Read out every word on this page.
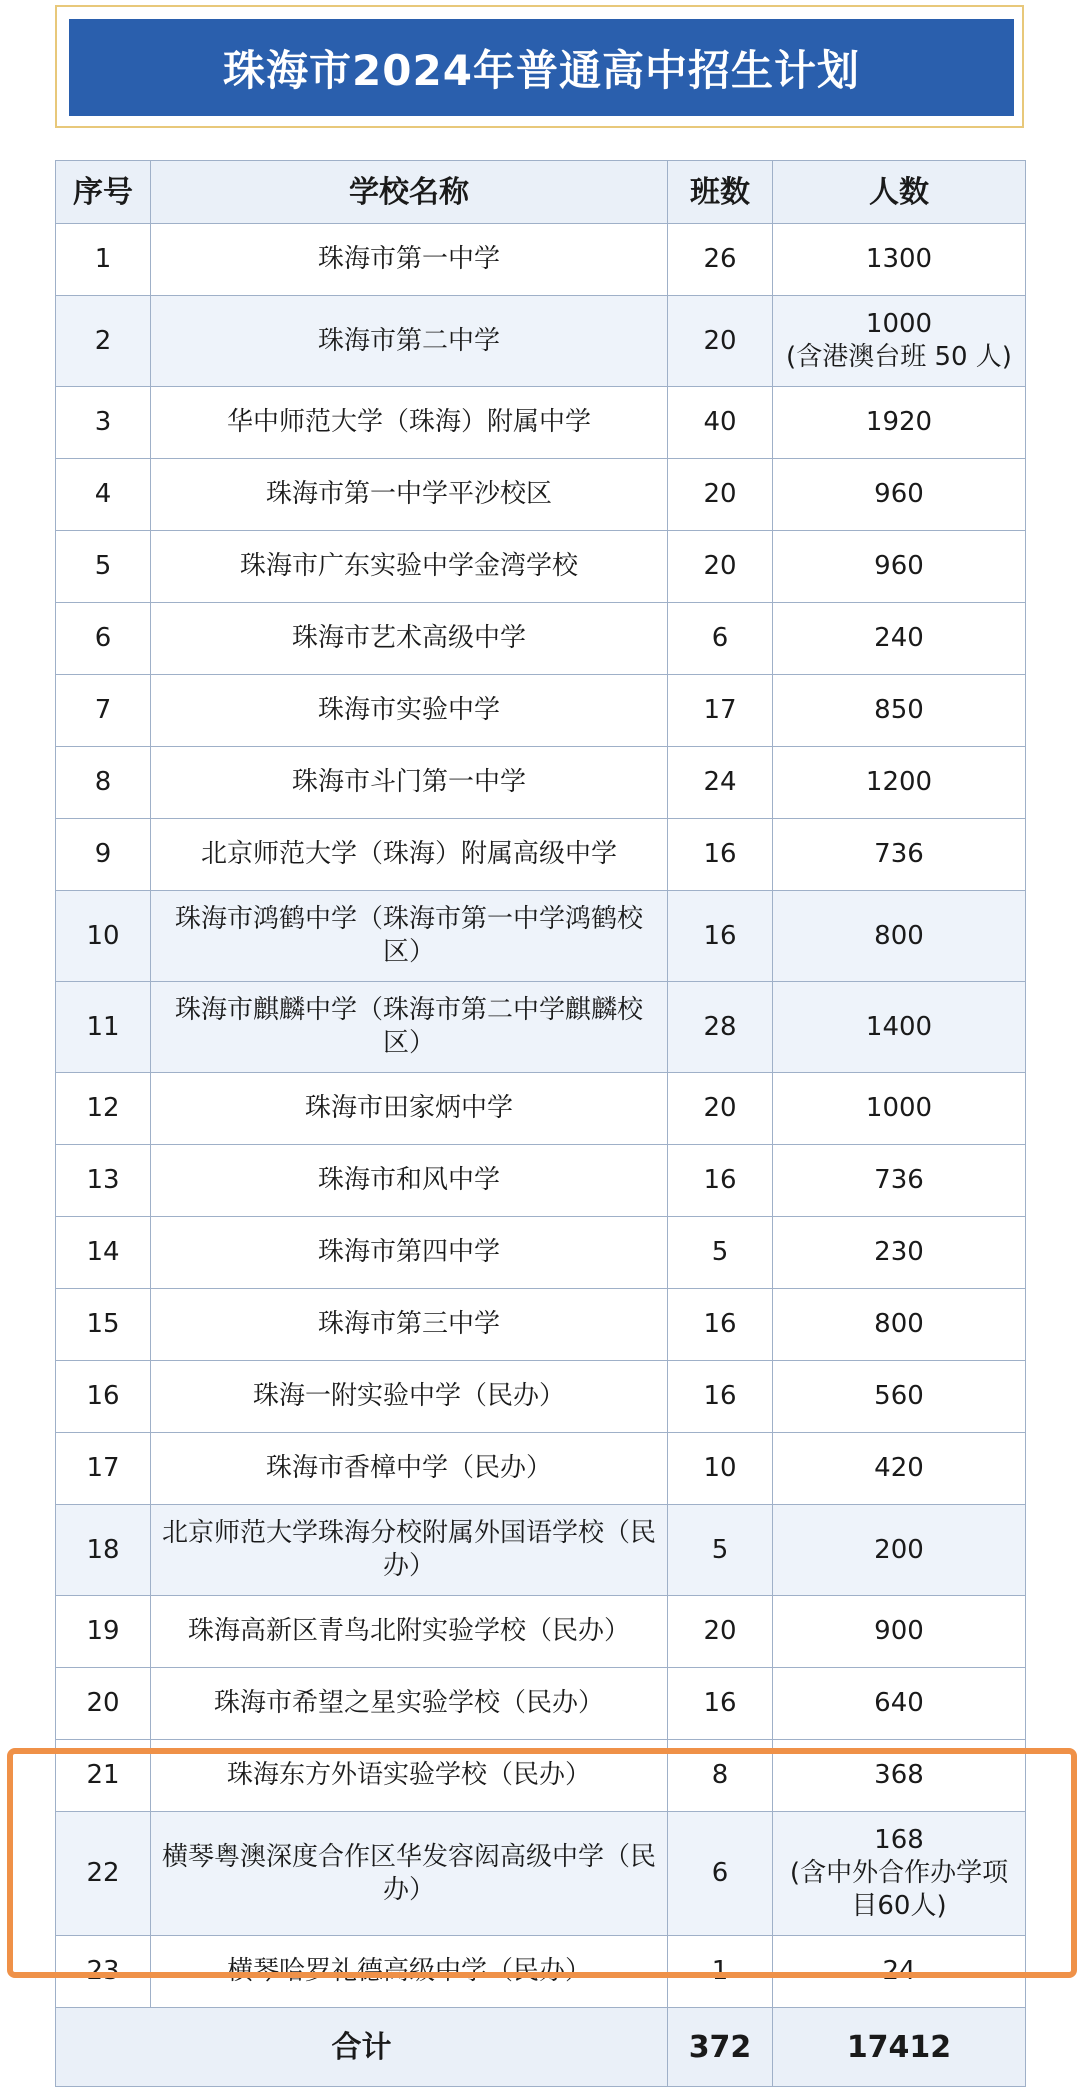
珠海市2024年普通高中招生计划
序号	学校名称	班数	人数

1	珠海市第一中学	26	1300

2	珠海市第二中学	20	1000
(含港澳台班 50 人)

3	华中师范大学（珠海）附属中学	40	1920

4	珠海市第一中学平沙校区	20	960

5	珠海市广东实验中学金湾学校	20	960

6	珠海市艺术高级中学	6	240

7	珠海市实验中学	17	850

8	珠海市斗门第一中学	24	1200

9	北京师范大学（珠海）附属高级中学	16	736

10	珠海市鸿鹤中学（珠海市第一中学鸿鹤校区）	16	800

11	珠海市麒麟中学（珠海市第二中学麒麟校区）	28	1400

12	珠海市田家炳中学	20	1000

13	珠海市和风中学	16	736

14	珠海市第四中学	5	230

15	珠海市第三中学	16	800

16	珠海一附实验中学（民办）	16	560

17	珠海市香樟中学（民办）	10	420

18	北京师范大学珠海分校附属外国语学校（民办）	5	200

19	珠海高新区青鸟北附实验学校（民办）	20	900

20	珠海市希望之星实验学校（民办）	16	640

21	珠海东方外语实验学校（民办）	8	368

22	横琴粤澳深度合作区华发容闳高级中学（民办）	6	168
(含中外合作办学项目60人)

23	横琴哈罗礼德高级中学（民办）	1	24

合计		372	17412
